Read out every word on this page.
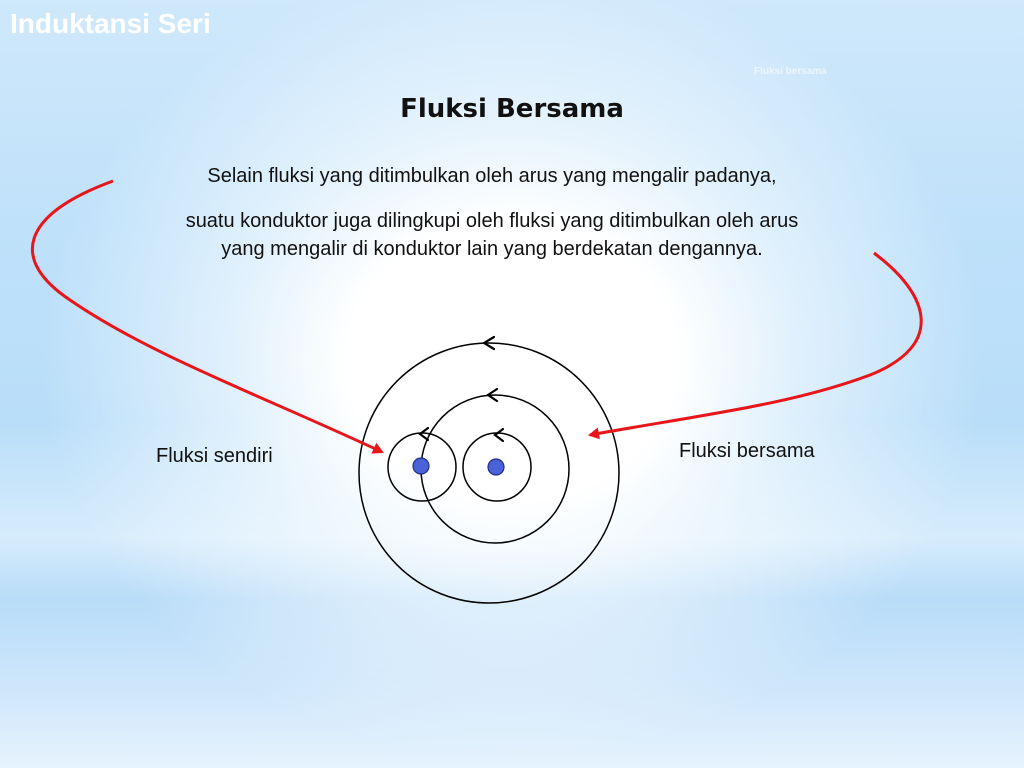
Induktansi Seri
Fluksi bersama
Fluksi Bersama

Selain fluksi yang ditimbulkan oleh arus yang mengalir padanya,

suatu konduktor juga dilingkupi oleh fluksi yang ditimbulkan oleh arus
yang mengalir di konduktor lain yang berdekatan dengannya.

Fluksi sendiri	Fluksi bersama
